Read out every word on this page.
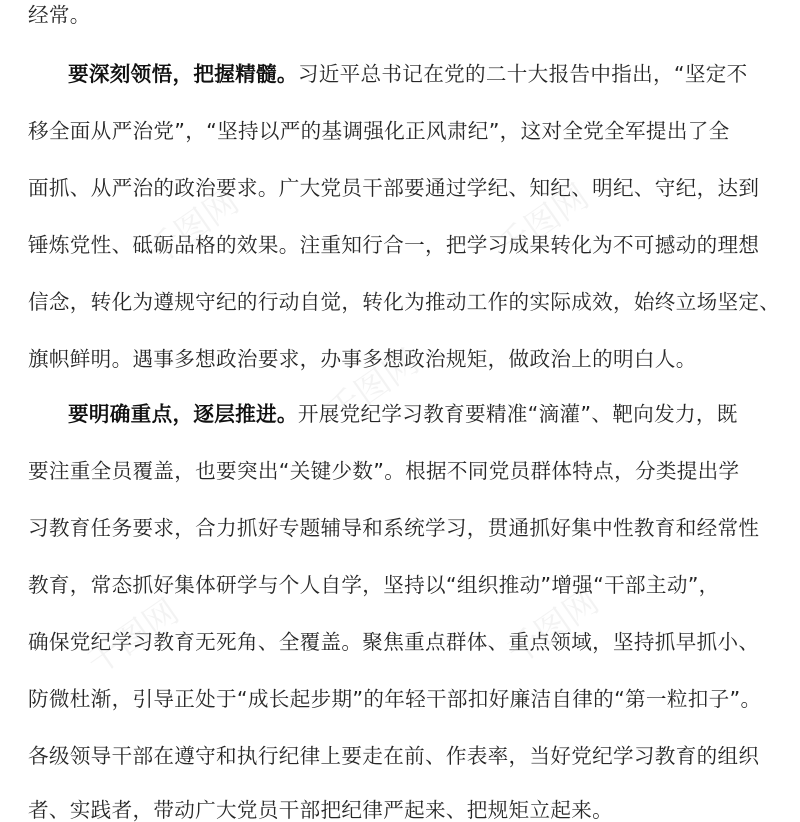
经常。
要深刻领悟，把握精髓。习近平总书记在党的二十大报告中指出，“坚定不
移全面从严治党”，“坚持以严的基调强化正风肃纪”，这对全党全军提出了全
面抓、从严治的政治要求。广大党员干部要通过学纪、知纪、明纪、守纪，达到
锤炼党性、砥砺品格的效果。注重知行合一，把学习成果转化为不可撼动的理想
信念，转化为遵规守纪的行动自觉，转化为推动工作的实际成效，始终立场坚定、
旗帜鲜明。遇事多想政治要求，办事多想政治规矩，做政治上的明白人。
要明确重点，逐层推进。开展党纪学习教育要精准“滴灌”、靶向发力，既
要注重全员覆盖，也要突出“关键少数”。根据不同党员群体特点，分类提出学
习教育任务要求，合力抓好专题辅导和系统学习，贯通抓好集中性教育和经常性
教育，常态抓好集体研学与个人自学，坚持以“组织推动”增强“干部主动”，
确保党纪学习教育无死角、全覆盖。聚焦重点群体、重点领域，坚持抓早抓小、
防微杜渐，引导正处于“成长起步期”的年轻干部扣好廉洁自律的“第一粒扣子”。
各级领导干部在遵守和执行纪律上要走在前、作表率，当好党纪学习教育的组织
者、实践者，带动广大党员干部把纪律严起来、把规矩立起来。
千图网	千图网
千图网
千图网	千图网
